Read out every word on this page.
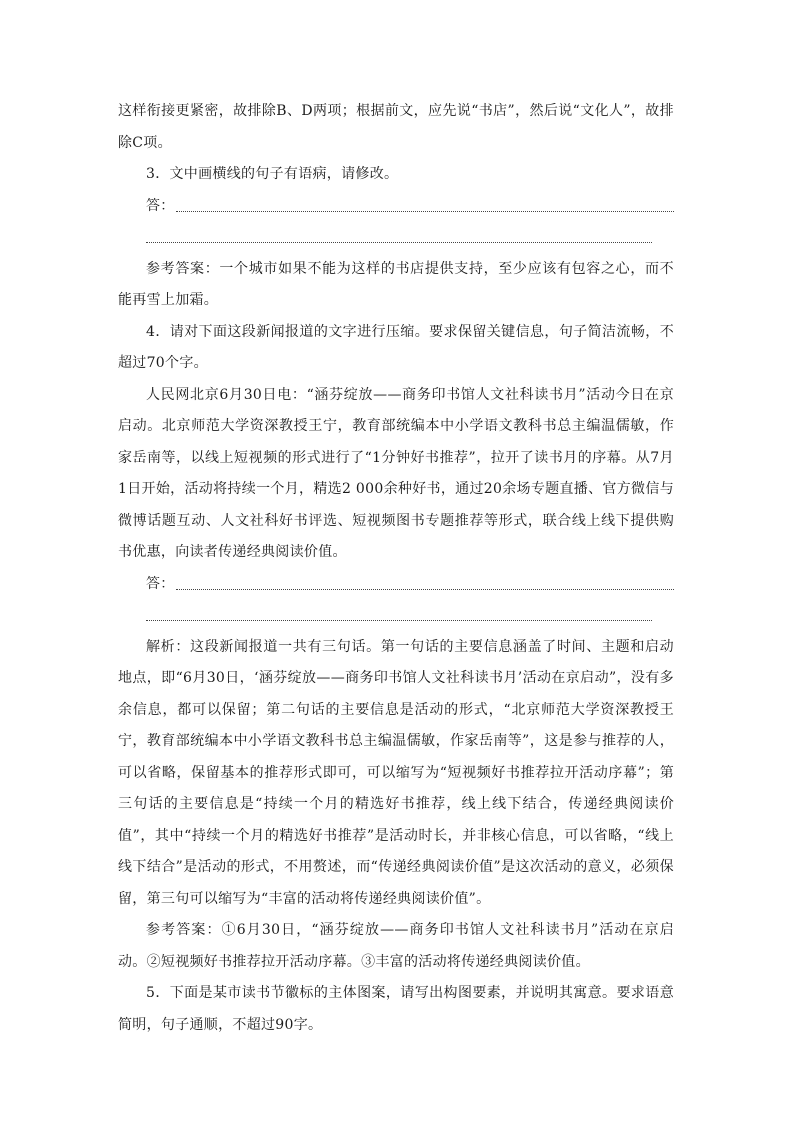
这样衔接更紧密，故排除B、D两项；根据前文，应先说“书店”，然后说“文化人”，故排除C项。

3．文中画横线的句子有语病，请修改。

答：

参考答案：一个城市如果不能为这样的书店提供支持，至少应该有包容之心，而不能再雪上加霜。

4．请对下面这段新闻报道的文字进行压缩。要求保留关键信息，句子简洁流畅，不超过70个字。

人民网北京6月30日电：“涵芬绽放——商务印书馆人文社科读书月”活动今日在京启动。北京师范大学资深教授王宁，教育部统编本中小学语文教科书总主编温儒敏，作家岳南等，以线上短视频的形式进行了“1分钟好书推荐”，拉开了读书月的序幕。从7月1日开始，活动将持续一个月，精选2 000余种好书，通过20余场专题直播、官方微信与微博话题互动、人文社科好书评选、短视频图书专题推荐等形式，联合线上线下提供购书优惠，向读者传递经典阅读价值。

答：

解析：这段新闻报道一共有三句话。第一句话的主要信息涵盖了时间、主题和启动地点，即“6月30日，‘涵芬绽放——商务印书馆人文社科读书月’活动在京启动”，没有多余信息，都可以保留；第二句话的主要信息是活动的形式，“北京师范大学资深教授王宁，教育部统编本中小学语文教科书总主编温儒敏，作家岳南等”，这是参与推荐的人，可以省略，保留基本的推荐形式即可，可以缩写为“短视频好书推荐拉开活动序幕”；第三句话的主要信息是“持续一个月的精选好书推荐，线上线下结合，传递经典阅读价值”，其中“持续一个月的精选好书推荐”是活动时长，并非核心信息，可以省略，“线上线下结合”是活动的形式，不用赘述，而“传递经典阅读价值”是这次活动的意义，必须保留，第三句可以缩写为“丰富的活动将传递经典阅读价值”。

参考答案：①6月30日，“涵芬绽放——商务印书馆人文社科读书月”活动在京启动。②短视频好书推荐拉开活动序幕。③丰富的活动将传递经典阅读价值。

5．下面是某市读书节徽标的主体图案，请写出构图要素，并说明其寓意。要求语意简明，句子通顺，不超过90字。
